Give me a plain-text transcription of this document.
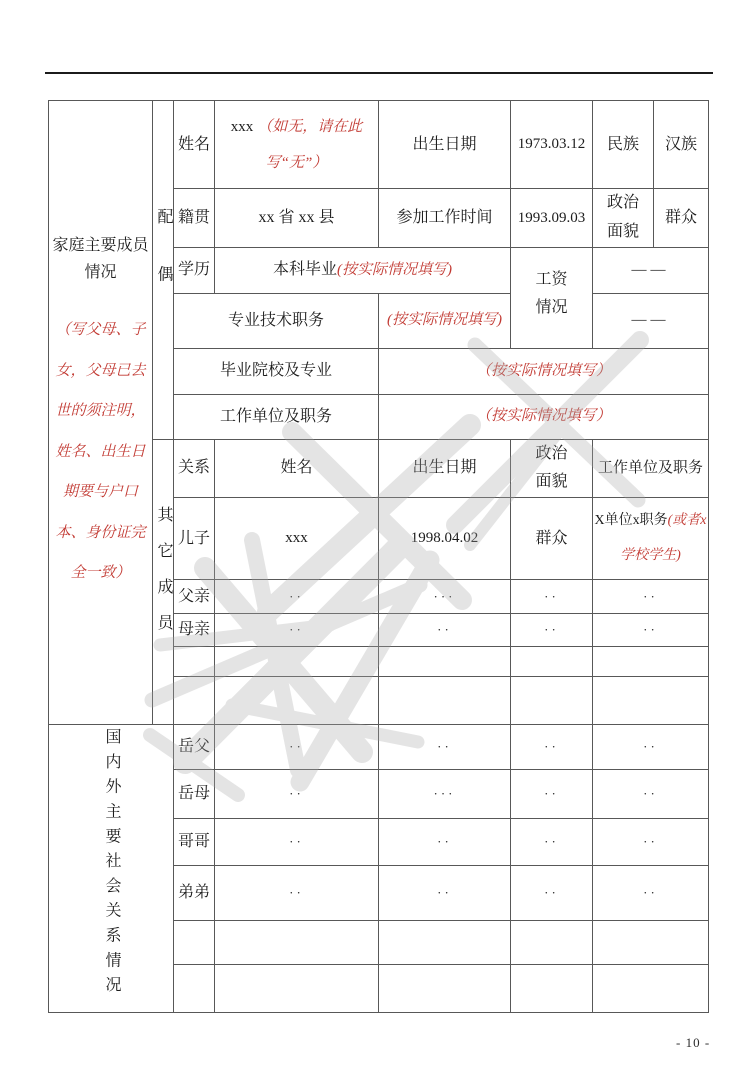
家庭主要成员
情况
（写父母、子女，父母已去世的须注明，姓名、出生日期要与户口本、身份证完全一致）	配偶	姓名	xxx （如无，请在此写“无”）	出生日期	1973.03.12	民族	汉族
		籍贯	xx 省 xx 县	参加工作时间	1993.09.03	政治面貌	群众
		学历	本科毕业(按实际情况填写)		工资情况	——	
		专业技术职务		(按实际情况填写)		——	
		毕业院校及专业		（按实际情况填写）			
		工作单位及职务		（按实际情况填写）			
	其它成员	关系	姓名	出生日期	政治面貌	工作单位及职务	
		儿子	xxx	1998.04.02	群众	X单位x职务(或者x学校学生)	
		父亲	··	···	··	··	
		母亲	··	··	··	··	

国内外主要社会关系情况		岳父	··	··	··	··	
		岳母	··	···	··	··	
		哥哥	··	··	··	··	
		弟弟	··	··	··	··	

- 10 -
